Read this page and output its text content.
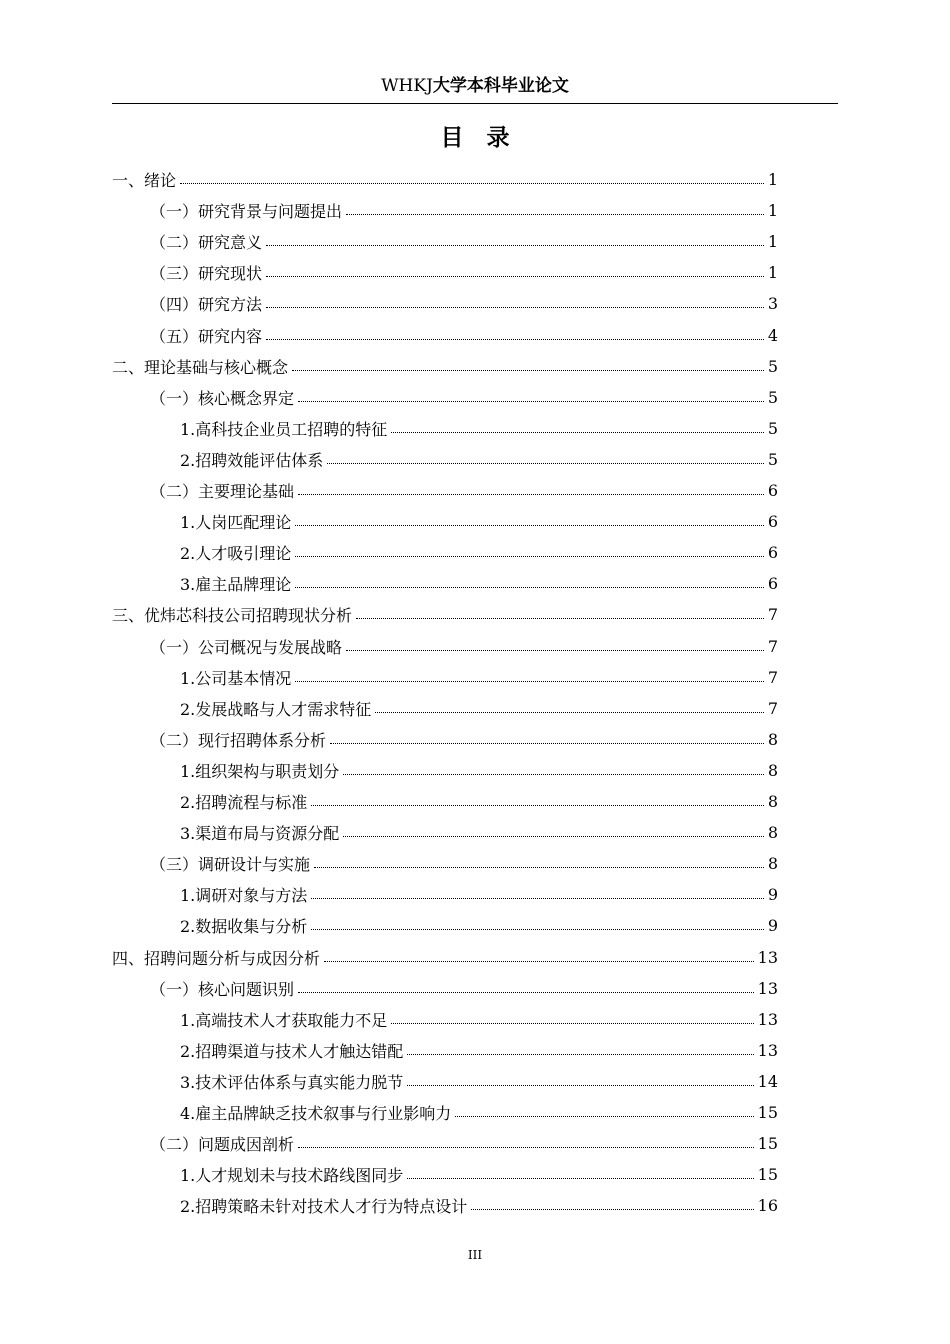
WHKJ大学本科毕业论文
目　录
一、绪论	1
（一）研究背景与问题提出	1
（二）研究意义	1
（三）研究现状	1
（四）研究方法	3
（五）研究内容	4
二、理论基础与核心概念	5
（一）核心概念界定	5
1.高科技企业员工招聘的特征	5
2.招聘效能评估体系	5
（二）主要理论基础	6
1.人岗匹配理论	6
2.人才吸引理论	6
3.雇主品牌理论	6
三、优炜芯科技公司招聘现状分析	7
（一）公司概况与发展战略	7
1.公司基本情况	7
2.发展战略与人才需求特征	7
（二）现行招聘体系分析	8
1.组织架构与职责划分	8
2.招聘流程与标准	8
3.渠道布局与资源分配	8
（三）调研设计与实施	8
1.调研对象与方法	9
2.数据收集与分析	9
四、招聘问题分析与成因分析	13
（一）核心问题识别	13
1.高端技术人才获取能力不足	13
2.招聘渠道与技术人才触达错配	13
3.技术评估体系与真实能力脱节	14
4.雇主品牌缺乏技术叙事与行业影响力	15
（二）问题成因剖析	15
1.人才规划未与技术路线图同步	15
2.招聘策略未针对技术人才行为特点设计	16
III
